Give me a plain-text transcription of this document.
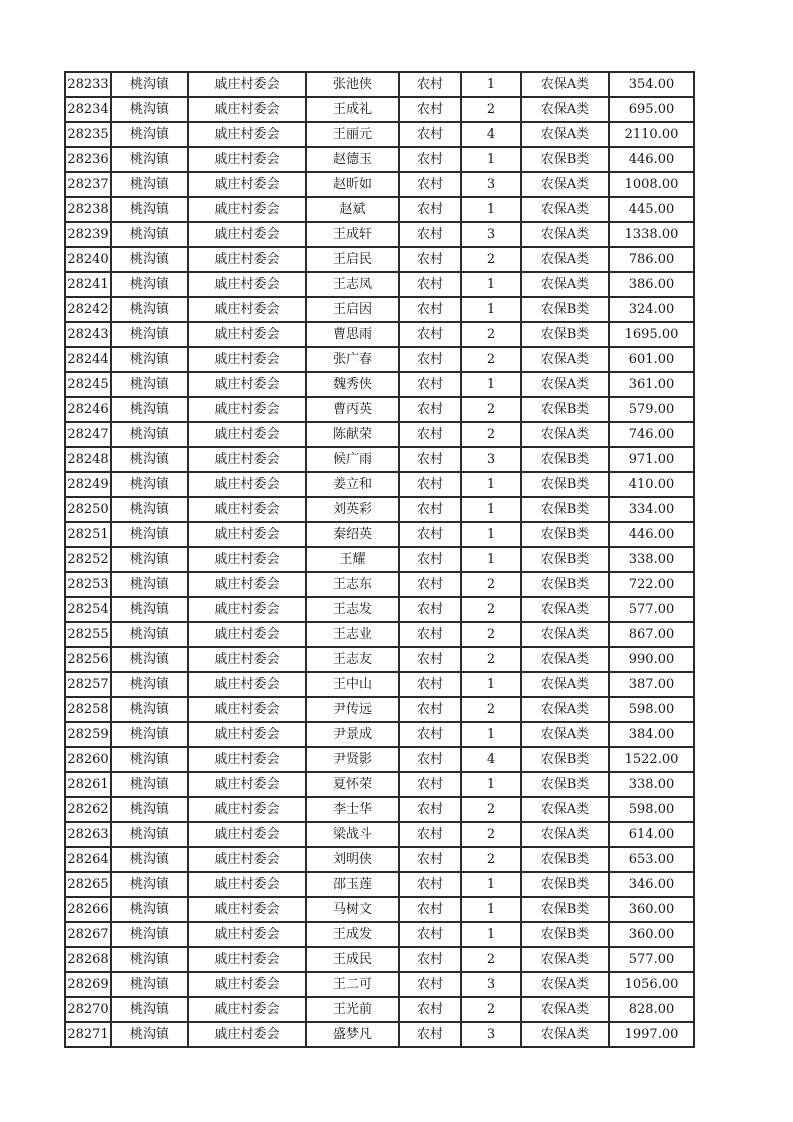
28233	桃沟镇	戚庄村委会	张池侠	农村	1	农保A类	354.00
28234	桃沟镇	戚庄村委会	王成礼	农村	2	农保A类	695.00
28235	桃沟镇	戚庄村委会	王丽元	农村	4	农保A类	2110.00
28236	桃沟镇	戚庄村委会	赵德玉	农村	1	农保B类	446.00
28237	桃沟镇	戚庄村委会	赵昕如	农村	3	农保A类	1008.00
28238	桃沟镇	戚庄村委会	赵斌	农村	1	农保A类	445.00
28239	桃沟镇	戚庄村委会	王成轩	农村	3	农保A类	1338.00
28240	桃沟镇	戚庄村委会	王启民	农村	2	农保A类	786.00
28241	桃沟镇	戚庄村委会	王志凤	农村	1	农保A类	386.00
28242	桃沟镇	戚庄村委会	王启因	农村	1	农保B类	324.00
28243	桃沟镇	戚庄村委会	曹思雨	农村	2	农保B类	1695.00
28244	桃沟镇	戚庄村委会	张广春	农村	2	农保A类	601.00
28245	桃沟镇	戚庄村委会	魏秀侠	农村	1	农保A类	361.00
28246	桃沟镇	戚庄村委会	曹丙英	农村	2	农保B类	579.00
28247	桃沟镇	戚庄村委会	陈献荣	农村	2	农保A类	746.00
28248	桃沟镇	戚庄村委会	候广雨	农村	3	农保B类	971.00
28249	桃沟镇	戚庄村委会	姜立和	农村	1	农保B类	410.00
28250	桃沟镇	戚庄村委会	刘英彩	农村	1	农保B类	334.00
28251	桃沟镇	戚庄村委会	秦绍英	农村	1	农保B类	446.00
28252	桃沟镇	戚庄村委会	王耀	农村	1	农保B类	338.00
28253	桃沟镇	戚庄村委会	王志东	农村	2	农保B类	722.00
28254	桃沟镇	戚庄村委会	王志发	农村	2	农保A类	577.00
28255	桃沟镇	戚庄村委会	王志业	农村	2	农保A类	867.00
28256	桃沟镇	戚庄村委会	王志友	农村	2	农保A类	990.00
28257	桃沟镇	戚庄村委会	王中山	农村	1	农保A类	387.00
28258	桃沟镇	戚庄村委会	尹传远	农村	2	农保A类	598.00
28259	桃沟镇	戚庄村委会	尹景成	农村	1	农保A类	384.00
28260	桃沟镇	戚庄村委会	尹贤影	农村	4	农保B类	1522.00
28261	桃沟镇	戚庄村委会	夏怀荣	农村	1	农保B类	338.00
28262	桃沟镇	戚庄村委会	李士华	农村	2	农保A类	598.00
28263	桃沟镇	戚庄村委会	梁战斗	农村	2	农保A类	614.00
28264	桃沟镇	戚庄村委会	刘明侠	农村	2	农保B类	653.00
28265	桃沟镇	戚庄村委会	邵玉莲	农村	1	农保B类	346.00
28266	桃沟镇	戚庄村委会	马树文	农村	1	农保B类	360.00
28267	桃沟镇	戚庄村委会	王成发	农村	1	农保B类	360.00
28268	桃沟镇	戚庄村委会	王成民	农村	2	农保A类	577.00
28269	桃沟镇	戚庄村委会	王二可	农村	3	农保A类	1056.00
28270	桃沟镇	戚庄村委会	王光前	农村	2	农保A类	828.00
28271	桃沟镇	戚庄村委会	盛梦凡	农村	3	农保A类	1997.00
